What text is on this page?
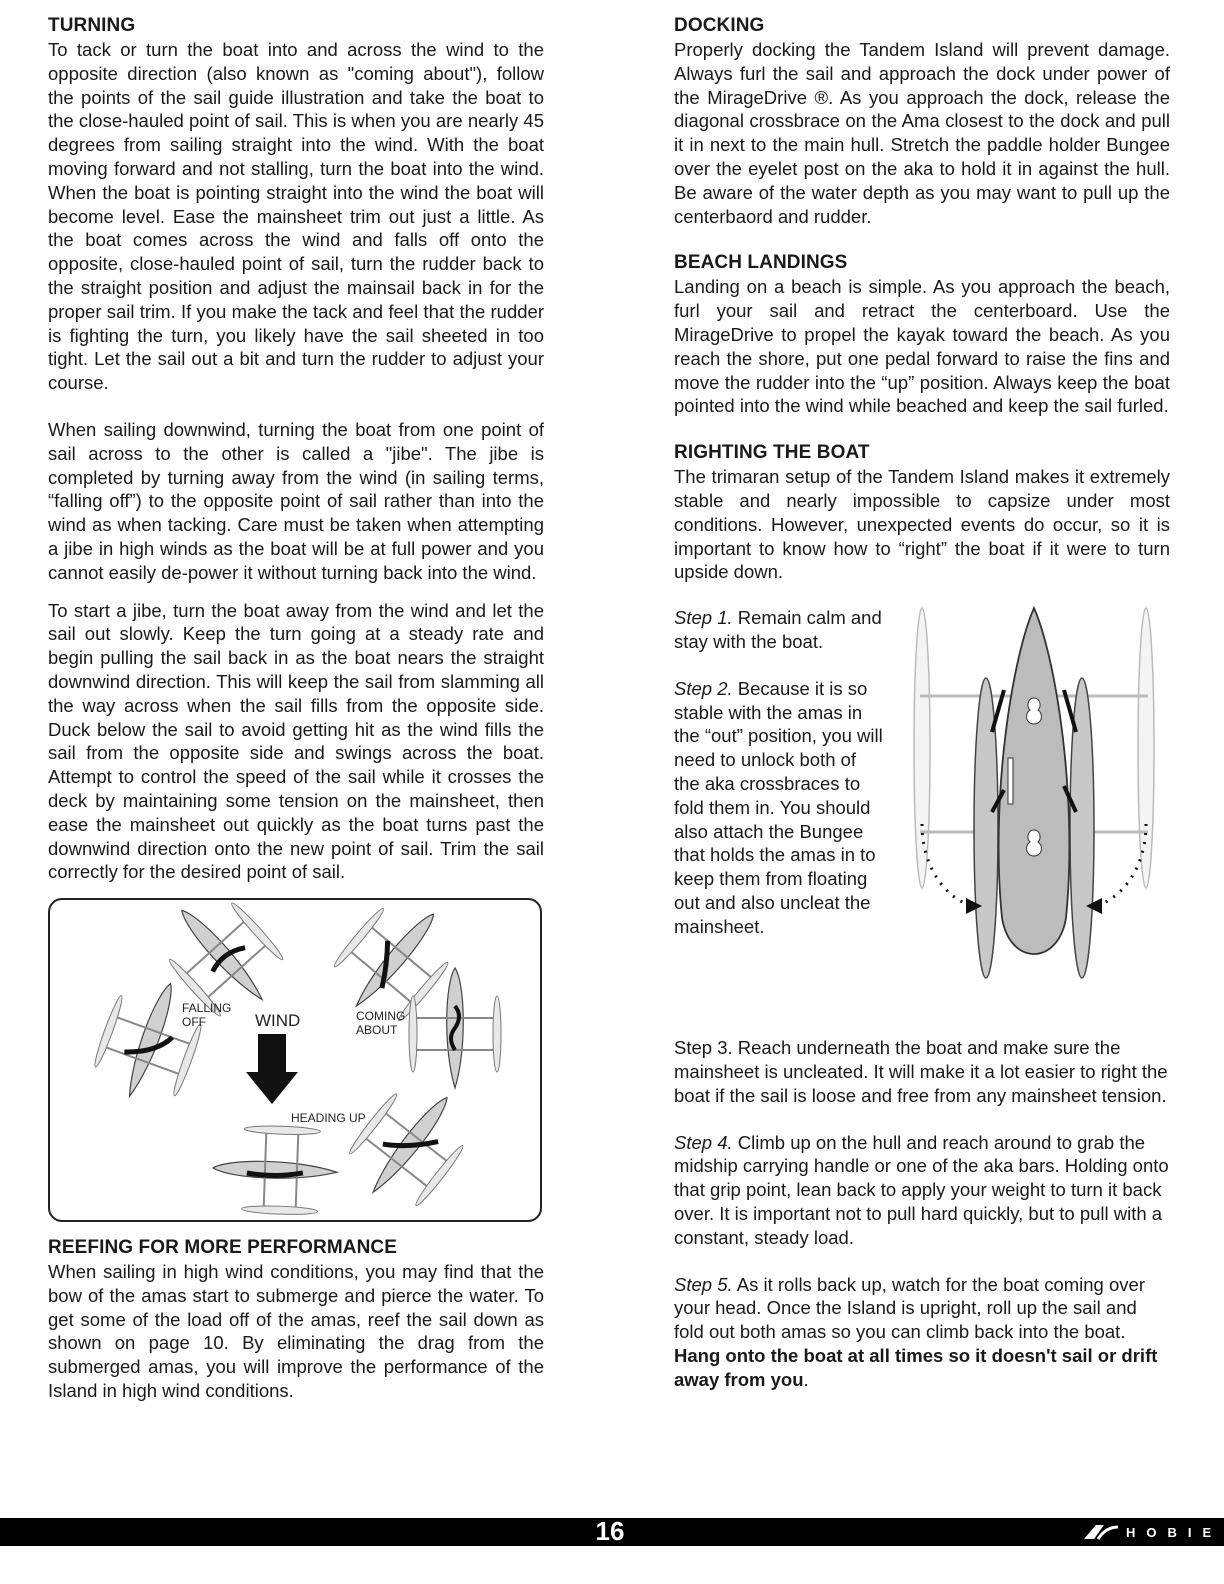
TURNING

To tack or turn the boat into and across the wind to the opposite direction (also known as "coming about"), follow the points of the sail guide illustration and take the boat to the close-hauled point of sail. This is when you are nearly 45 degrees from sailing straight into the wind. With the boat moving forward and not stalling, turn the boat into the wind. When the boat is pointing straight into the wind the boat will become level. Ease the mainsheet trim out just a little. As the boat comes across the wind and falls off onto the opposite, close-hauled point of sail, turn the rudder back to the straight position and adjust the mainsail back in for the proper sail trim. If you make the tack and feel that the rudder is fighting the turn, you likely have the sail sheeted in too tight. Let the sail out a bit and turn the rudder to adjust your course.

When sailing downwind, turning the boat from one point of sail across to the other is called a "jibe". The jibe is completed by turning away from the wind (in sailing terms, “falling off”) to the opposite point of sail rather than into the wind as when tacking. Care must be taken when attempting a jibe in high winds as the boat will be at full power and you cannot easily de-power it without turning back into the wind.

To start a jibe, turn the boat away from the wind and let the sail out slowly. Keep the turn going at a steady rate and begin pulling the sail back in as the boat nears the straight downwind direction. This will keep the sail from slamming all the way across when the sail fills from the opposite side. Duck below the sail to avoid getting hit as the wind fills the sail from the opposite side and swings across the boat. Attempt to control the speed of the sail while it crosses the deck by maintaining some tension on the mainsheet, then ease the mainsheet out quickly as the boat turns past the downwind direction onto the new point of sail. Trim the sail correctly for the desired point of sail.

FALLING
OFF	WIND	COMING
ABOUT
HEADING UP
REEFING FOR MORE PERFORMANCE

When sailing in high wind conditions, you may find that the bow of the amas start to submerge and pierce the water. To get some of the load off of the amas, reef the sail down as shown on page 10. By eliminating the drag from the submerged amas, you will improve the performance of the Island in high wind conditions.

DOCKING

Properly docking the Tandem Island will prevent damage. Always furl the sail and approach the dock under power of the MirageDrive ®. As you approach the dock, release the diagonal crossbrace on the Ama closest to the dock and pull it in next to the main hull. Stretch the paddle holder Bungee over the eyelet post on the aka to hold it in against the hull. Be aware of the water depth as you may want to pull up the centerbaord and rudder.

BEACH LANDINGS

Landing on a beach is simple. As you approach the beach, furl your sail and retract the centerboard. Use the MirageDrive to propel the kayak toward the beach. As you reach the shore, put one pedal forward to raise the fins and move the rudder into the “up” position. Always keep the boat pointed into the wind while beached and keep the sail furled.

RIGHTING THE BOAT

The trimaran setup of the Tandem Island makes it extremely stable and nearly impossible to capsize under most conditions. However, unexpected events do occur, so it is important to know how to “right” the boat if it were to turn upside down.

Step 1. Remain calm and stay with the boat.

Step 2. Because it is so stable with the amas in the “out” position, you will need to unlock both of the aka crossbraces to fold them in. You should also attach the Bungee that holds the amas in to keep them from floating out and also uncleat the mainsheet.

Step 3. Reach underneath the boat and make sure the mainsheet is uncleated. It will make it a lot easier to right the boat if the sail is loose and free from any mainsheet tension.

Step 4. Climb up on the hull and reach around to grab the midship carrying handle or one of the aka bars. Holding onto that grip point, lean back to apply your weight to turn it back over. It is important not to pull hard quickly, but to pull with a constant, steady load.

Step 5. As it rolls back up, watch for the boat coming over your head. Once the Island is upright, roll up the sail and fold out both amas so you can climb back into the boat. Hang onto the boat at all times so it doesn't sail or drift away from you.

16	HOBIE
